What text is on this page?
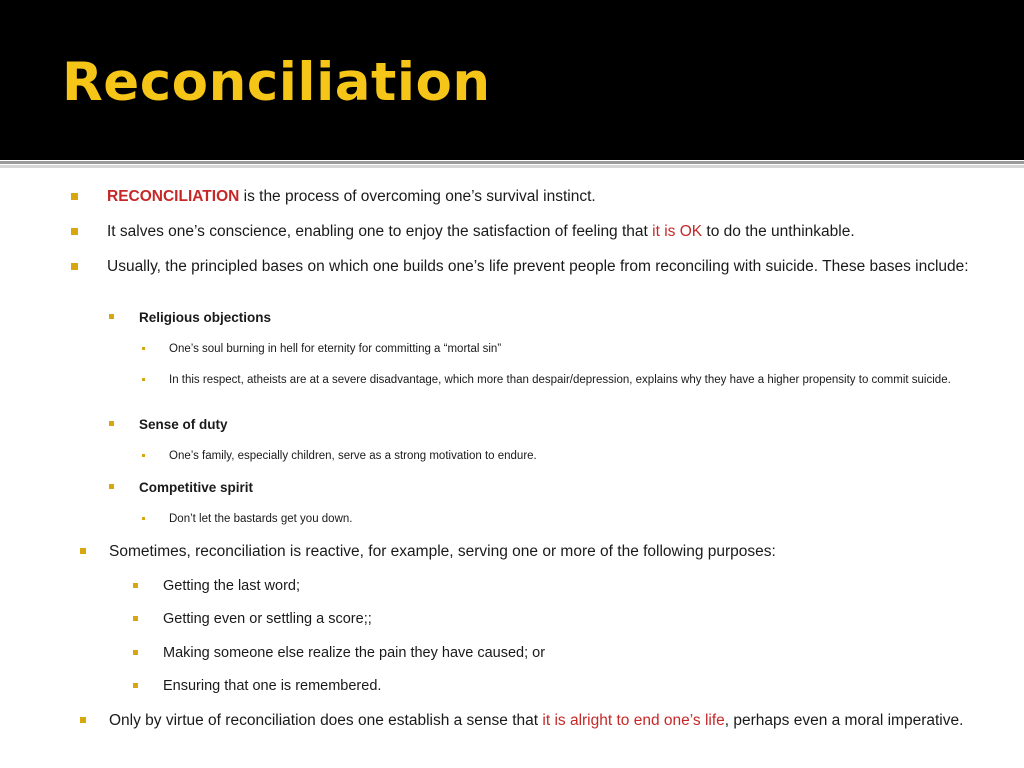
Reconciliation

RECONCILIATION is the process of overcoming one’s survival instinct.

It salves one’s conscience, enabling one to enjoy the satisfaction of feeling that it is OK to do the unthinkable.

Usually, the principled bases on which one builds one’s life prevent people from reconciling with suicide. These bases include:

Religious objections

One’s soul burning in hell for eternity for committing a “mortal sin”

In this respect, atheists are at a severe disadvantage, which more than despair/depression, explains why they have a higher propensity to commit suicide.

Sense of duty

One’s family, especially children, serve as a strong motivation to endure.

Competitive spirit

Don’t let the bastards get you down.

Sometimes, reconciliation is reactive, for example, serving one or more of the following purposes:

Getting the last word;

Getting even or settling a score;;

Making someone else realize the pain they have caused; or

Ensuring that one is remembered.

Only by virtue of reconciliation does one establish a sense that it is alright to end one’s life, perhaps even a moral imperative.
